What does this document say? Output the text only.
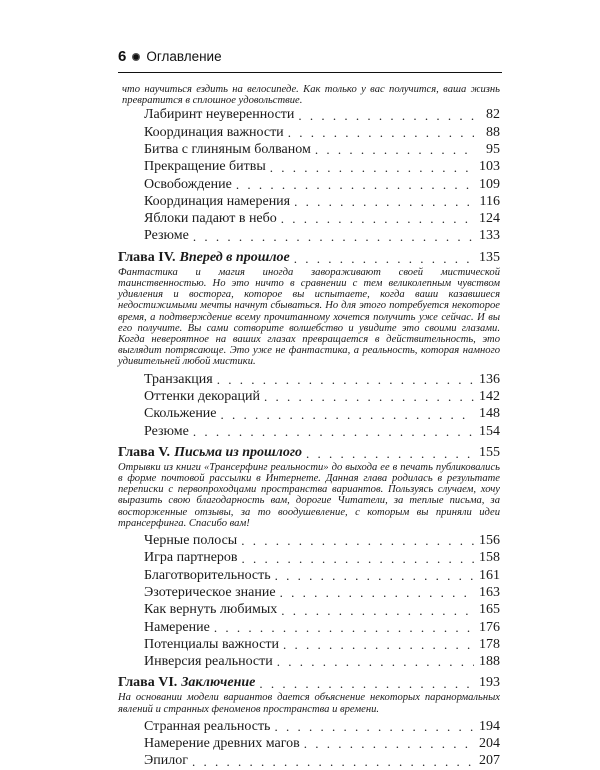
6 Оглавление

что научиться ездить на велосипеде. Как только у вас получится, ваша жизнь превратится в сплошное удовольствие.

Лабиринт неуверенности . . .	82
Координация важности . . .	88
Битва с глиняным болваном . . .	95
Прекращение битвы . . .	103
Освобождение . . .	109
Координация намерения . . .	116
Яблоки падают в небо . . .	124
Резюме . . .	133
Глава IV. Вперед в прошлое . . .	135

Фантастика и магия иногда завораживают своей мистической таинственностью. Но это ничто в сравнении с тем великолепным чувством удивления и восторга, которое вы испытаете, когда ваши казавшиеся недостижимыми мечты начнут сбываться. Но для этого потребуется некоторое время, а подтверждение всему прочитанному хочется получить уже сейчас. И вы его получите. Вы сами сотворите волшебство и увидите это своими глазами. Когда невероятное на ваших глазах превращается в действительность, это выглядит потрясающе. Это уже не фантастика, а реальность, которая намного удивительней любой мистики.

Транзакция . . .	136
Оттенки декораций . . .	142
Скольжение . . .	148
Резюме . . .	154
Глава V. Письма из прошлого . . .	155

Отрывки из книги «Трансерфинг реальности» до выхода ее в печать публиковались в форме почтовой рассылки в Интернете. Данная глава родилась в результате переписки с первопроходцами пространства вариантов. Пользуясь случаем, хочу выразить свою благодарность вам, дорогие Читатели, за теплые письма, за восторженные отзывы, за то воодушевление, с которым вы приняли идеи трансерфинга. Спасибо вам!

Черные полосы . . .	156
Игра партнеров . . .	158
Благотворительность . . .	161
Эзотерическое знание . . .	163
Как вернуть любимых . . .	165
Намерение . . .	176
Потенциалы важности . . .	178
Инверсия реальности . . .	188
Глава VI. Заключение . . .	193

На основании модели вариантов дается объяснение некоторых паранормальных явлений и странных феноменов пространства и времени.

Странная реальность . . .	194
Намерение древних магов . . .	204
Эпилог . . .	207
